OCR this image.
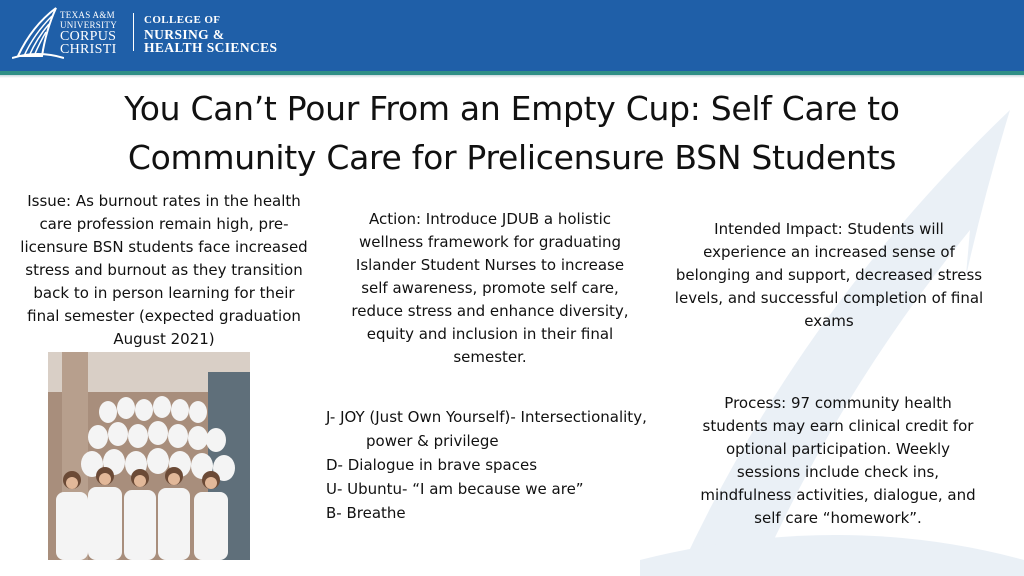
TEXAS A&M
UNIVERSITY
CORPUS
CHRISTI
COLLEGE OF
NURSING &
HEALTH SCIENCES
You Can’t Pour From an Empty Cup: Self Care to
Community Care for Prelicensure BSN Students
Issue: As burnout rates in the health
care profession remain high, pre-
licensure BSN students face increased
stress and burnout as they transition
back to in person learning for their
final semester (expected graduation
August 2021)
Action: Introduce JDUB a holistic
wellness framework for graduating
Islander Student Nurses to increase
self awareness, promote self care,
reduce stress and enhance diversity,
equity and inclusion in their final
semester.
Intended Impact: Students will
experience an increased sense of
belonging and support, decreased stress
levels, and successful completion of final
exams
Process: 97 community health
students may earn clinical credit for
optional participation. Weekly
sessions include check ins,
mindfulness activities, dialogue, and
self care “homework”.
J- JOY (Just Own Yourself)- Intersectionality,
power & privilege
D- Dialogue in brave spaces
U- Ubuntu- “I am because we are”
B- Breathe
